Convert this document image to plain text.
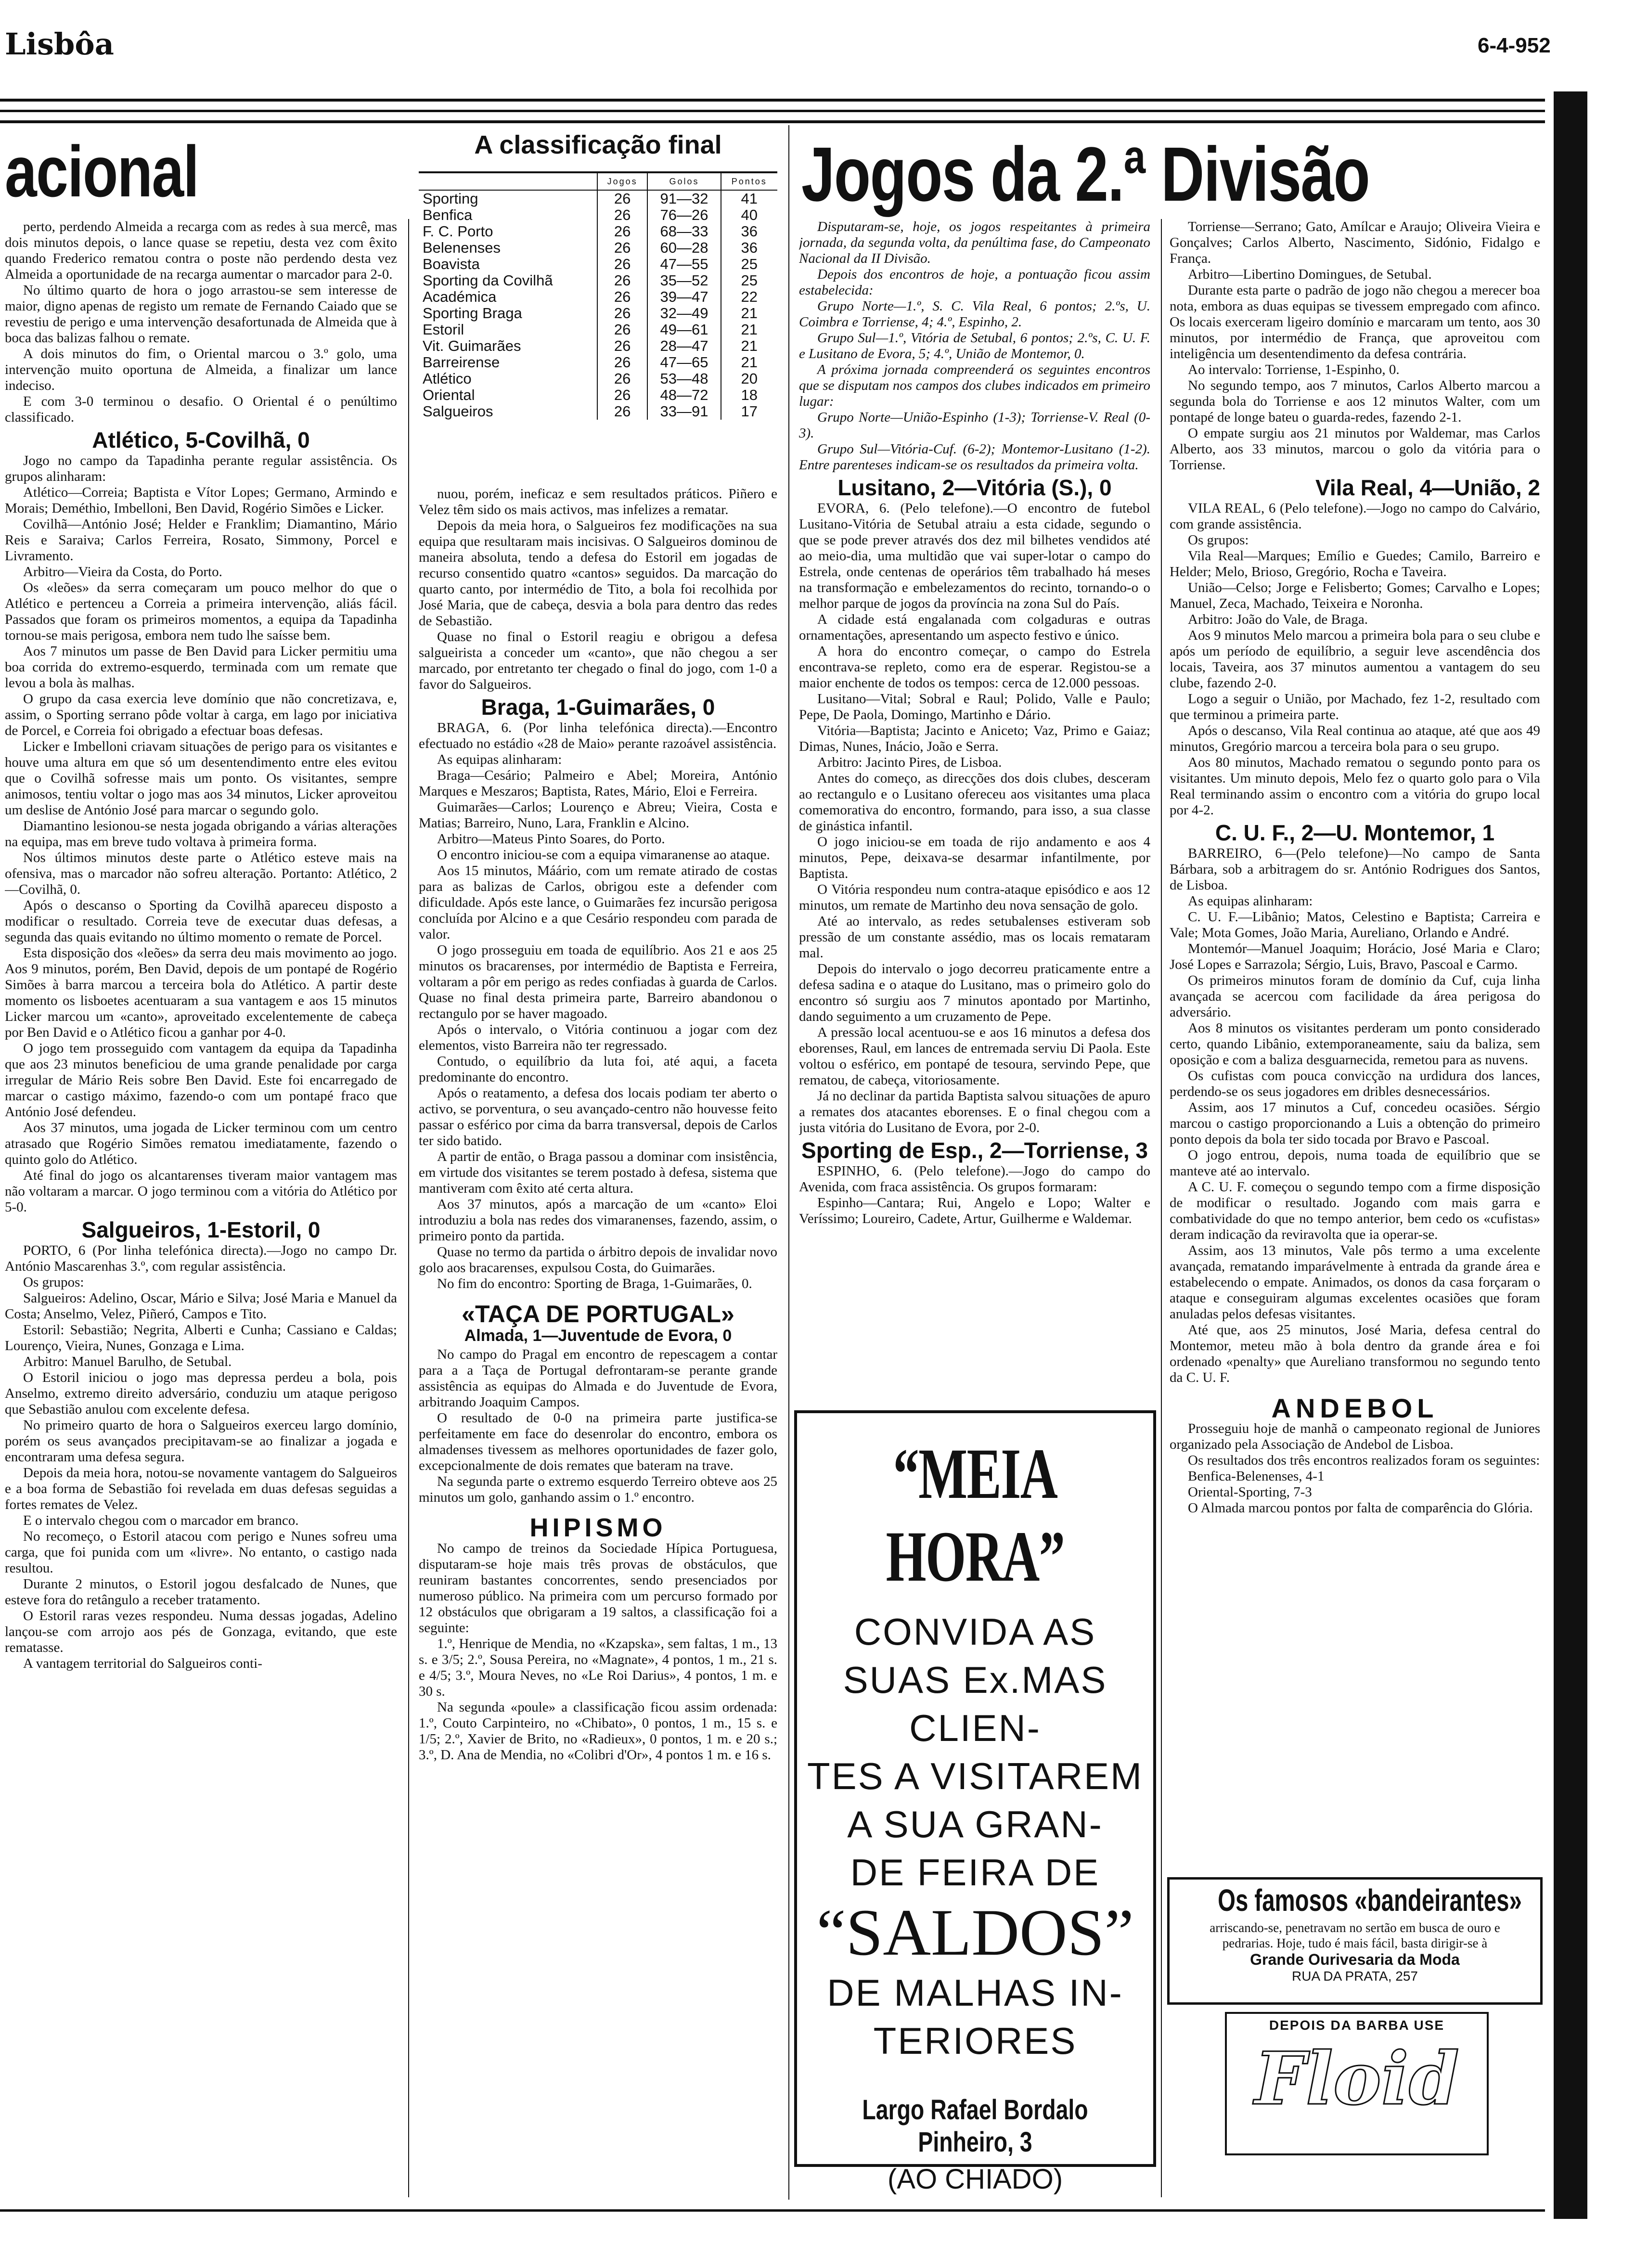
Lisbôa	6-4-952
acional	Jogos da 2.ª Divisão
A classificação final
	Jogos	Golos	Pontos
Sporting	26	91—32	41
Benfica	26	76—26	40
F. C. Porto	26	68—33	36
Belenenses	26	60—28	36
Boavista	26	47—55	25
Sporting da Covilhã	26	35—52	25
Académica	26	39—47	22
Sporting Braga	26	32—49	21
Estoril	26	49—61	21
Vit. Guimarães	26	28—47	21
Barreirense	26	47—65	21
Atlético	26	53—48	20
Oriental	26	48—72	18
Salgueiros	26	33—91	17

perto, perdendo Almeida a recarga com as redes à sua mercê, mas dois minutos depois, o lance quase se repetiu, desta vez com êxito quando Frederico rematou contra o poste não perdendo desta vez Almeida a oportunidade de na recarga aumentar o marcador para 2-0.

No último quarto de hora o jogo arrastou-se sem interesse de maior, digno apenas de registo um remate de Fernando Caiado que se revestiu de perigo e uma intervenção desafortunada de Almeida que à boca das balizas falhou o remate.

A dois minutos do fim, o Oriental marcou o 3.º golo, uma intervenção muito oportuna de Almeida, a finalizar um lance indeciso.

E com 3-0 terminou o desafio. O Oriental é o penúltimo classificado.

Atlético, 5-Covilhã, 0

Jogo no campo da Tapadinha perante regular assistência. Os grupos alinharam:

Atlético—Correia; Baptista e Vítor Lopes; Germano, Armindo e Morais; Deméthio, Imbelloni, Ben David, Rogério Simões e Licker.

Covilhã—António José; Helder e Franklim; Diamantino, Mário Reis e Saraiva; Carlos Ferreira, Rosato, Simmony, Porcel e Livramento.

Arbitro—Vieira da Costa, do Porto.

Os «leões» da serra começaram um pouco melhor do que o Atlético e pertenceu a Correia a primeira intervenção, aliás fácil. Passados que foram os primeiros momentos, a equipa da Tapadinha tornou-se mais perigosa, embora nem tudo lhe saísse bem.

Aos 7 minutos um passe de Ben David para Licker permitiu uma boa corrida do extremo-esquerdo, terminada com um remate que levou a bola às malhas.

O grupo da casa exercia leve domínio que não concretizava, e, assim, o Sporting serrano pôde voltar à carga, em lago por iniciativa de Porcel, e Correia foi obrigado a efectuar boas defesas.

Licker e Imbelloni criavam situações de perigo para os visitantes e houve uma altura em que só um desentendimento entre eles evitou que o Covilhã sofresse mais um ponto. Os visitantes, sempre animosos, tentiu voltar o jogo mas aos 34 minutos, Licker aproveitou um deslise de António José para marcar o segundo golo.

Diamantino lesionou-se nesta jogada obrigando a várias alterações na equipa, mas em breve tudo voltava à primeira forma.

Nos últimos minutos deste parte o Atlético esteve mais na ofensiva, mas o marcador não sofreu alteração. Portanto: Atlético, 2—Covilhã, 0.

Após o descanso o Sporting da Covilhã apareceu disposto a modificar o resultado. Correia teve de executar duas defesas, a segunda das quais evitando no último momento o remate de Porcel.

Esta disposição dos «leões» da serra deu mais movimento ao jogo. Aos 9 minutos, porém, Ben David, depois de um pontapé de Rogério Simões à barra marcou a terceira bola do Atlético. A partir deste momento os lisboetes acentuaram a sua vantagem e aos 15 minutos Licker marcou um «canto», aproveitado excelentemente de cabeça por Ben David e o Atlético ficou a ganhar por 4-0.

O jogo tem prosseguido com vantagem da equipa da Tapadinha que aos 23 minutos beneficiou de uma grande penalidade por carga irregular de Mário Reis sobre Ben David. Este foi encarregado de marcar o castigo máximo, fazendo-o com um pontapé fraco que António José defendeu.

Aos 37 minutos, uma jogada de Licker terminou com um centro atrasado que Rogério Simões rematou imediatamente, fazendo o quinto golo do Atlético.

Até final do jogo os alcantarenses tiveram maior vantagem mas não voltaram a marcar. O jogo terminou com a vitória do Atlético por 5-0.

Salgueiros, 1-Estoril, 0

PORTO, 6 (Por linha telefónica directa).—Jogo no campo Dr. António Mascarenhas 3.º, com regular assistência.

Os grupos:

Salgueiros: Adelino, Oscar, Mário e Silva; José Maria e Manuel da Costa; Anselmo, Velez, Piñeró, Campos e Tito.

Estoril: Sebastião; Negrita, Alberti e Cunha; Cassiano e Caldas; Lourenço, Vieira, Nunes, Gonzaga e Lima.

Arbitro: Manuel Barulho, de Setubal.

O Estoril iniciou o jogo mas depressa perdeu a bola, pois Anselmo, extremo direito adversário, conduziu um ataque perigoso que Sebastião anulou com excelente defesa.

No primeiro quarto de hora o Salgueiros exerceu largo domínio, porém os seus avançados precipitavam-se ao finalizar a jogada e encontraram uma defesa segura.

Depois da meia hora, notou-se novamente vantagem do Salgueiros e a boa forma de Sebastião foi revelada em duas defesas seguidas a fortes remates de Velez.

E o intervalo chegou com o marcador em branco.

No recomeço, o Estoril atacou com perigo e Nunes sofreu uma carga, que foi punida com um «livre». No entanto, o castigo nada resultou.

Durante 2 minutos, o Estoril jogou desfalcado de Nunes, que esteve fora do retângulo a receber tratamento.

O Estoril raras vezes respondeu. Numa dessas jogadas, Adelino lançou-se com arrojo aos pés de Gonzaga, evitando, que este rematasse.

A vantagem territorial do Salgueiros conti-

nuou, porém, ineficaz e sem resultados práticos. Piñero e Velez têm sido os mais activos, mas infelizes a rematar.

Depois da meia hora, o Salgueiros fez modificações na sua equipa que resultaram mais incisivas. O Salgueiros dominou de maneira absoluta, tendo a defesa do Estoril em jogadas de recurso consentido quatro «cantos» seguidos. Da marcação do quarto canto, por intermédio de Tito, a bola foi recolhida por José Maria, que de cabeça, desvia a bola para dentro das redes de Sebastião.

Quase no final o Estoril reagiu e obrigou a defesa salgueirista a conceder um «canto», que não chegou a ser marcado, por entretanto ter chegado o final do jogo, com 1-0 a favor do Salgueiros.

Braga, 1-Guimarães, 0

BRAGA, 6. (Por linha telefónica directa).—Encontro efectuado no estádio «28 de Maio» perante razoável assistência.

As equipas alinharam:

Braga—Cesário; Palmeiro e Abel; Moreira, António Marques e Meszaros; Baptista, Rates, Mário, Eloi e Ferreira.

Guimarães—Carlos; Lourenço e Abreu; Vieira, Costa e Matias; Barreiro, Nuno, Lara, Franklin e Alcino.

Arbitro—Mateus Pinto Soares, do Porto.

O encontro iniciou-se com a equipa vimaranense ao ataque.

Aos 15 minutos, Máário, com um remate atirado de costas para as balizas de Carlos, obrigou este a defender com dificuldade. Após este lance, o Guimarães fez incursão perigosa concluída por Alcino e a que Cesário respondeu com parada de valor.

O jogo prosseguiu em toada de equilíbrio. Aos 21 e aos 25 minutos os bracarenses, por intermédio de Baptista e Ferreira, voltaram a pôr em perigo as redes confiadas à guarda de Carlos. Quase no final desta primeira parte, Barreiro abandonou o rectangulo por se haver magoado.

Após o intervalo, o Vitória continuou a jogar com dez elementos, visto Barreira não ter regressado.

Contudo, o equilíbrio da luta foi, até aqui, a faceta predominante do encontro.

Após o reatamento, a defesa dos locais podiam ter aberto o activo, se porventura, o seu avançado-centro não houvesse feito passar o esférico por cima da barra transversal, depois de Carlos ter sido batido.

A partir de então, o Braga passou a dominar com insistência, em virtude dos visitantes se terem postado à defesa, sistema que mantiveram com êxito até certa altura.

Aos 37 minutos, após a marcação de um «canto» Eloi introduziu a bola nas redes dos vimaranenses, fazendo, assim, o primeiro ponto da partida.

Quase no termo da partida o árbitro depois de invalidar novo golo aos bracarenses, expulsou Costa, do Guimarães.

No fim do encontro: Sporting de Braga, 1-Guimarães, 0.

«TAÇA DE PORTUGAL»
Almada, 1—Juventude de Evora, 0

No campo do Pragal em encontro de repescagem a contar para a a Taça de Portugal defrontaram-se perante grande assistência as equipas do Almada e do Juventude de Evora, arbitrando Joaquim Campos.

O resultado de 0-0 na primeira parte justifica-se perfeitamente em face do desenrolar do encontro, embora os almadenses tivessem as melhores oportunidades de fazer golo, excepcionalmente de dois remates que bateram na trave.

Na segunda parte o extremo esquerdo Terreiro obteve aos 25 minutos um golo, ganhando assim o 1.º encontro.

HIPISMO

No campo de treinos da Sociedade Hípica Portuguesa, disputaram-se hoje mais três provas de obstáculos, que reuniram bastantes concorrentes, sendo presenciados por numeroso público. Na primeira com um percurso formado por 12 obstáculos que obrigaram a 19 saltos, a classificação foi a seguinte:

1.º, Henrique de Mendia, no «Kzapska», sem faltas, 1 m., 13 s. e 3/5; 2.º, Sousa Pereira, no «Magnate», 4 pontos, 1 m., 21 s. e 4/5; 3.º, Moura Neves, no «Le Roi Darius», 4 pontos, 1 m. e 30 s.

Na segunda «poule» a classificação ficou assim ordenada: 1.º, Couto Carpinteiro, no «Chibato», 0 pontos, 1 m., 15 s. e 1/5; 2.º, Xavier de Brito, no «Radieux», 0 pontos, 1 m. e 20 s.; 3.º, D. Ana de Mendia, no «Colibri d'Or», 4 pontos 1 m. e 16 s.

Disputaram-se, hoje, os jogos respeitantes à primeira jornada, da segunda volta, da penúltima fase, do Campeonato Nacional da II Divisão.

Depois dos encontros de hoje, a pontuação ficou assim estabelecida:

Grupo Norte—1.º, S. C. Vila Real, 6 pontos; 2.ºs, U. Coimbra e Torriense, 4; 4.º, Espinho, 2.

Grupo Sul—1.º, Vitória de Setubal, 6 pontos; 2.ºs, C. U. F. e Lusitano de Evora, 5; 4.º, União de Montemor, 0.

A próxima jornada compreenderá os seguintes encontros que se disputam nos campos dos clubes indicados em primeiro lugar:

Grupo Norte—União-Espinho (1-3); Torriense-V. Real (0-3).

Grupo Sul—Vitória-Cuf. (6-2); Montemor-Lusitano (1-2). Entre parenteses indicam-se os resultados da primeira volta.

Lusitano, 2—Vitória (S.), 0

EVORA, 6. (Pelo telefone).—O encontro de futebol Lusitano-Vitória de Setubal atraiu a esta cidade, segundo o que se pode prever através dos dez mil bilhetes vendidos até ao meio-dia, uma multidão que vai super-lotar o campo do Estrela, onde centenas de operários têm trabalhado há meses na transformação e embelezamentos do recinto, tornando-o o melhor parque de jogos da província na zona Sul do País.

A cidade está engalanada com colgaduras e outras ornamentações, apresentando um aspecto festivo e único.

A hora do encontro começar, o campo do Estrela encontrava-se repleto, como era de esperar. Registou-se a maior enchente de todos os tempos: cerca de 12.000 pessoas.

Lusitano—Vital; Sobral e Raul; Polido, Valle e Paulo; Pepe, De Paola, Domingo, Martinho e Dário.

Vitória—Baptista; Jacinto e Aniceto; Vaz, Primo e Gaiaz; Dimas, Nunes, Inácio, João e Serra.

Arbitro: Jacinto Pires, de Lisboa.

Antes do começo, as direcções dos dois clubes, desceram ao rectangulo e o Lusitano ofereceu aos visitantes uma placa comemorativa do encontro, formando, para isso, a sua classe de ginástica infantil.

O jogo iniciou-se em toada de rijo andamento e aos 4 minutos, Pepe, deixava-se desarmar infantilmente, por Baptista.

O Vitória respondeu num contra-ataque episódico e aos 12 minutos, um remate de Martinho deu nova sensação de golo.

Até ao intervalo, as redes setubalenses estiveram sob pressão de um constante assédio, mas os locais remataram mal.

Depois do intervalo o jogo decorreu praticamente entre a defesa sadina e o ataque do Lusitano, mas o primeiro golo do encontro só surgiu aos 7 minutos apontado por Martinho, dando seguimento a um cruzamento de Pepe.

A pressão local acentuou-se e aos 16 minutos a defesa dos eborenses, Raul, em lances de entremada serviu Di Paola. Este voltou o esférico, em pontapé de tesoura, servindo Pepe, que rematou, de cabeça, vitoriosamente.

Já no declinar da partida Baptista salvou situações de apuro a remates dos atacantes eborenses. E o final chegou com a justa vitória do Lusitano de Evora, por 2-0.

Sporting de Esp., 2—Torriense, 3

ESPINHO, 6. (Pelo telefone).—Jogo do campo do Avenida, com fraca assistência. Os grupos formaram:

Espinho—Cantara; Rui, Angelo e Lopo; Walter e Veríssimo; Loureiro, Cadete, Artur, Guilherme e Waldemar.

“MEIA HORA”
CONVIDA AS
SUAS Ex.MAS CLIEN-
TES A VISITAREM
A SUA GRAN-
DE FEIRA DE
“SALDOS”
DE MALHAS IN-
TERIORES
Largo Rafael Bordalo Pinheiro, 3
(AO CHIADO)

Torriense—Serrano; Gato, Amílcar e Araujo; Oliveira Vieira e Gonçalves; Carlos Alberto, Nascimento, Sidónio, Fidalgo e França.

Arbitro—Libertino Domingues, de Setubal.

Durante esta parte o padrão de jogo não chegou a merecer boa nota, embora as duas equipas se tivessem empregado com afinco. Os locais exerceram ligeiro domínio e marcaram um tento, aos 30 minutos, por intermédio de França, que aproveitou com inteligência um desentendimento da defesa contrária.

Ao intervalo: Torriense, 1-Espinho, 0.

No segundo tempo, aos 7 minutos, Carlos Alberto marcou a segunda bola do Torriense e aos 12 minutos Walter, com um pontapé de longe bateu o guarda-redes, fazendo 2-1.

O empate surgiu aos 21 minutos por Waldemar, mas Carlos Alberto, aos 33 minutos, marcou o golo da vitória para o Torriense.

Vila Real, 4—União, 2

VILA REAL, 6 (Pelo telefone).—Jogo no campo do Calvário, com grande assistência.

Os grupos:

Vila Real—Marques; Emílio e Guedes; Camilo, Barreiro e Helder; Melo, Brioso, Gregório, Rocha e Taveira.

União—Celso; Jorge e Felisberto; Gomes; Carvalho e Lopes; Manuel, Zeca, Machado, Teixeira e Noronha.

Arbitro: João do Vale, de Braga.

Aos 9 minutos Melo marcou a primeira bola para o seu clube e após um período de equilíbrio, a seguir leve ascendência dos locais, Taveira, aos 37 minutos aumentou a vantagem do seu clube, fazendo 2-0.

Logo a seguir o União, por Machado, fez 1-2, resultado com que terminou a primeira parte.

Após o descanso, Vila Real continua ao ataque, até que aos 49 minutos, Gregório marcou a terceira bola para o seu grupo.

Aos 80 minutos, Machado rematou o segundo ponto para os visitantes. Um minuto depois, Melo fez o quarto golo para o Vila Real terminando assim o encontro com a vitória do grupo local por 4-2.

C. U. F., 2—U. Montemor, 1

BARREIRO, 6—(Pelo telefone)—No campo de Santa Bárbara, sob a arbitragem do sr. António Rodrigues dos Santos, de Lisboa.

As equipas alinharam:

C. U. F.—Libânio; Matos, Celestino e Baptista; Carreira e Vale; Mota Gomes, João Maria, Aureliano, Orlando e André.

Montemór—Manuel Joaquim; Horácio, José Maria e Claro; José Lopes e Sarrazola; Sérgio, Luis, Bravo, Pascoal e Carmo.

Os primeiros minutos foram de domínio da Cuf, cuja linha avançada se acercou com facilidade da área perigosa do adversário.

Aos 8 minutos os visitantes perderam um ponto considerado certo, quando Libânio, extemporaneamente, saiu da baliza, sem oposição e com a baliza desguarnecida, remetou para as nuvens.

Os cufistas com pouca convicção na urdidura dos lances, perdendo-se os seus jogadores em dribles desnecessários.

Assim, aos 17 minutos a Cuf, concedeu ocasiões. Sérgio marcou o castigo proporcionando a Luis a obtenção do primeiro ponto depois da bola ter sido tocada por Bravo e Pascoal.

O jogo entrou, depois, numa toada de equilíbrio que se manteve até ao intervalo.

A C. U. F. começou o segundo tempo com a firme disposição de modificar o resultado. Jogando com mais garra e combatividade do que no tempo anterior, bem cedo os «cufistas» deram indicação da reviravolta que ia operar-se.

Assim, aos 13 minutos, Vale pôs termo a uma excelente avançada, rematando imparávelmente à entrada da grande área e estabelecendo o empate. Animados, os donos da casa forçaram o ataque e conseguiram algumas excelentes ocasiões que foram anuladas pelos defesas visitantes.

Até que, aos 25 minutos, José Maria, defesa central do Montemor, meteu mão à bola dentro da grande área e foi ordenado «penalty» que Aureliano transformou no segundo tento da C. U. F.

ANDEBOL

Prosseguiu hoje de manhã o campeonato regional de Juniores organizado pela Associação de Andebol de Lisboa.

Os resultados dos três encontros realizados foram os seguintes:

Benfica-Belenenses, 4-1

Oriental-Sporting, 7-3

O Almada marcou pontos por falta de comparência do Glória.

Os famosos «bandeirantes»
arriscando-se, penetravam no sertão em busca de ouro e pedrarias. Hoje, tudo é mais fácil, basta dirigir-se à
Grande Ourivesaria da Moda
RUA DA PRATA, 257
DEPOIS DA BARBA USE
Floid
